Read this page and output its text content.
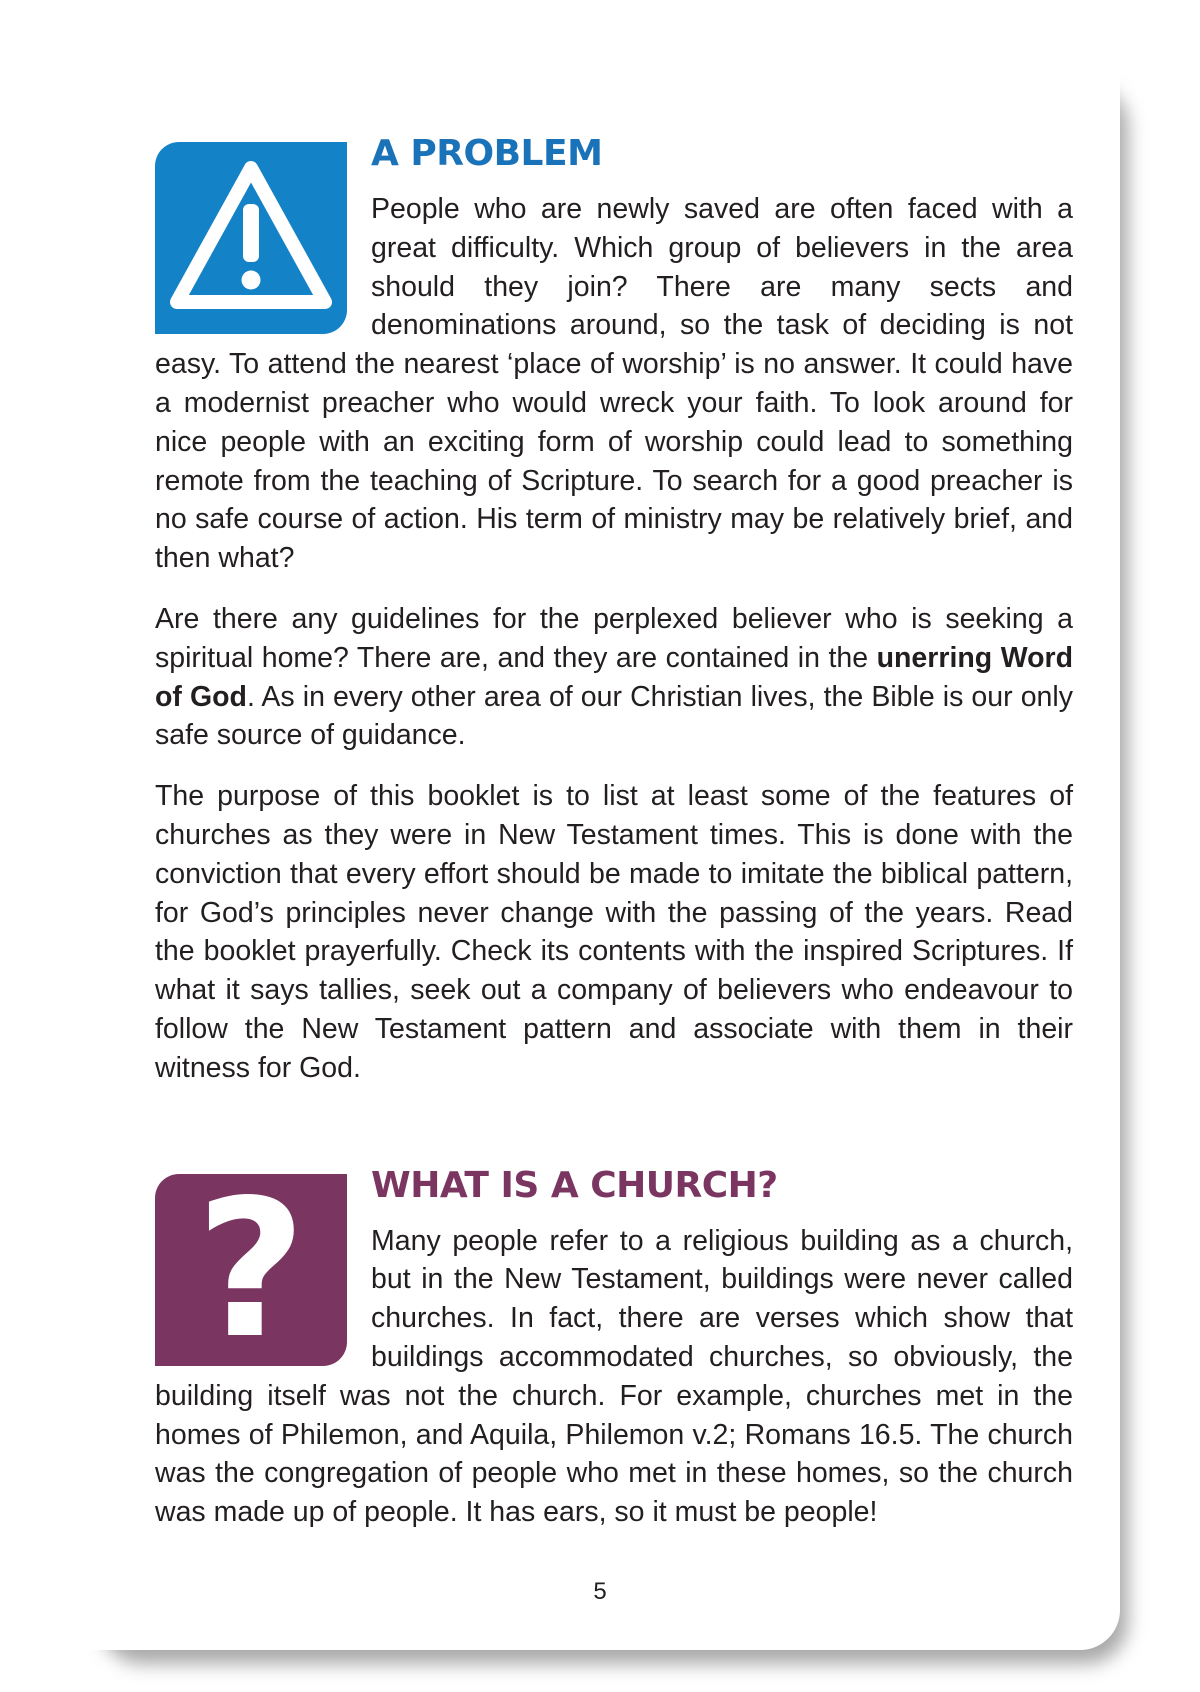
A PROBLEM

People who are newly saved are often faced with a great difficulty. Which group of believers in the area should they join? There are many sects and denominations around, so the task of deciding is not easy. To attend the nearest ‘place of worship’ is no answer. It could have a modernist preacher who would wreck your faith. To look around for nice people with an exciting form of worship could lead to something remote from the teaching of Scripture. To search for a good preacher is no safe course of action. His term of ministry may be relatively brief, and then what?

Are there any guidelines for the perplexed believer who is seeking a spiritual home? There are, and they are contained in the unerring Word of God. As in every other area of our Christian lives, the Bible is our only safe source of guidance.

The purpose of this booklet is to list at least some of the features of churches as they were in New Testament times. This is done with the conviction that every effort should be made to imitate the biblical pattern, for God’s principles never change with the passing of the years. Read the booklet prayerfully. Check its contents with the inspired Scriptures. If what it says tallies, seek out a company of believers who endeavour to follow the New Testament pattern and associate with them in their witness for God.

?	WHAT IS A CHURCH?

Many people refer to a religious building as a church, but in the New Testament, buildings were never called churches. In fact, there are verses which show that buildings accommodated churches, so obviously, the building itself was not the church. For example, churches met in the homes of Philemon, and Aquila, Philemon v.2; Romans 16.5. The church was the congregation of people who met in these homes, so the church was made up of people. It has ears, so it must be people!

5
